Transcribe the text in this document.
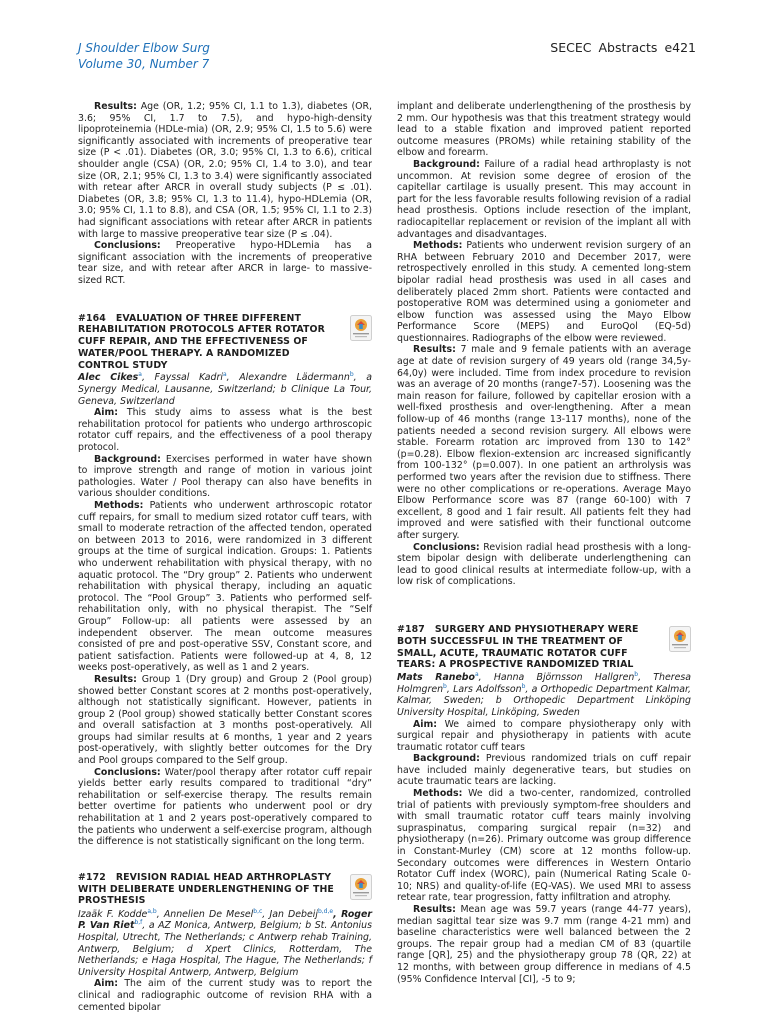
J Shoulder Elbow Surg
Volume 30, Number 7
SECEC Abstracts e421

Results: Age (OR, 1.2; 95% CI, 1.1 to 1.3), diabetes (OR, 3.6; 95% CI, 1.7 to 7.5), and hypo-high-density lipoproteinemia (HDLe-mia) (OR, 2.9; 95% CI, 1.5 to 5.6) were significantly associated with increments of preoperative tear size (P < .01). Diabetes (OR, 3.0; 95% CI, 1.3 to 6.6), critical shoulder angle (CSA) (OR, 2.0; 95% CI, 1.4 to 3.0), and tear size (OR, 2.1; 95% CI, 1.3 to 3.4) were significantly associated with retear after ARCR in overall study subjects (P ≤ .01). Diabetes (OR, 3.8; 95% CI, 1.3 to 11.4), hypo-HDLemia (OR, 3.0; 95% CI, 1.1 to 8.8), and CSA (OR, 1.5; 95% CI, 1.1 to 2.3) had significant associations with retear after ARCR in patients with large to massive preoperative tear size (P ≤ .04).

Conclusions: Preoperative hypo-HDLemia has a significant association with the increments of preoperative tear size, and with retear after ARCR in large- to massive-sized RCT.

#164 EVALUATION OF THREE DIFFERENT REHABILITATION PROTOCOLS AFTER ROTATOR CUFF REPAIR, AND THE EFFECTIVENESS OF WATER/POOL THERAPY. A RANDOMIZED CONTROL STUDY

Alec Cikes$^a$, Fayssal Kadri$^a$, Alexandre Lädermann$^b$, a Synergy Medical, Lausanne, Switzerland; b Clinique La Tour, Geneva, Switzerland

Aim: This study aims to assess what is the best rehabilitation protocol for patients who undergo arthroscopic rotator cuff repairs, and the effectiveness of a pool therapy protocol.

Background: Exercises performed in water have shown to improve strength and range of motion in various joint pathologies. Water / Pool therapy can also have benefits in various shoulder conditions.

Methods: Patients who underwent arthroscopic rotator cuff repairs, for small to medium sized rotator cuff tears, with small to moderate retraction of the affected tendon, operated on between 2013 to 2016, were randomized in 3 different groups at the time of surgical indication. Groups: 1. Patients who underwent rehabilitation with physical therapy, with no aquatic protocol. The “Dry group” 2. Patients who underwent rehabilitation with physical therapy, including an aquatic protocol. The “Pool Group” 3. Patients who performed self-rehabilitation only, with no physical therapist. The “Self Group” Follow-up: all patients were assessed by an independent observer. The mean outcome measures consisted of pre and post-operative SSV, Constant score, and patient satisfaction. Patients were followed-up at 4, 8, 12 weeks post-operatively, as well as 1 and 2 years.

Results: Group 1 (Dry group) and Group 2 (Pool group) showed better Constant scores at 2 months post-operatively, although not statistically significant. However, patients in group 2 (Pool group) showed statically better Constant scores and overall satisfaction at 3 months post-operatively. All groups had similar results at 6 months, 1 year and 2 years post-operatively, with slightly better outcomes for the Dry and Pool groups compared to the Self group.

Conclusions: Water/pool therapy after rotator cuff repair yields better early results compared to traditional “dry” rehabilitation or self-exercise therapy. The results remain better overtime for patients who underwent pool or dry rehabilitation at 1 and 2 years post-operatively compared to the patients who underwent a self-exercise program, although the difference is not statistically significant on the long term.

#172 REVISION RADIAL HEAD ARTHROPLASTY WITH DELIBERATE UNDERLENGTHENING OF THE PROSTHESIS

Izaäk F. Kodde$^{a,b}$, Annelien De Mesel$^{b,c}$, Jan Debeij$^{b,d,e}$, Roger P. Van Riet$^{b,f}$, a AZ Monica, Antwerp, Belgium; b St. Antonius Hospital, Utrecht, The Netherlands; c Antwerp rehab Training, Antwerp, Belgium; d Xpert Clinics, Rotterdam, The Netherlands; e Haga Hospital, The Hague, The Netherlands; f University Hospital Antwerp, Antwerp, Belgium

Aim: The aim of the current study was to report the clinical and radiographic outcome of revision RHA with a cemented bipolar

implant and deliberate underlengthening of the prosthesis by 2 mm. Our hypothesis was that this treatment strategy would lead to a stable fixation and improved patient reported outcome measures (PROMs) while retaining stability of the elbow and forearm.

Background: Failure of a radial head arthroplasty is not uncommon. At revision some degree of erosion of the capitellar cartilage is usually present. This may account in part for the less favorable results following revision of a radial head prosthesis. Options include resection of the implant, radiocapitellar replacement or revision of the implant all with advantages and disadvantages.

Methods: Patients who underwent revision surgery of an RHA between February 2010 and December 2017, were retrospectively enrolled in this study. A cemented long-stem bipolar radial head prosthesis was used in all cases and deliberately placed 2mm short. Patients were contacted and postoperative ROM was determined using a goniometer and elbow function was assessed using the Mayo Elbow Performance Score (MEPS) and EuroQol (EQ-5d) questionnaires. Radiographs of the elbow were reviewed.

Results: 7 male and 9 female patients with an average age at date of revision surgery of 49 years old (range 34,5y-64,0y) were included. Time from index procedure to revision was an average of 20 months (range7-57). Loosening was the main reason for failure, followed by capitellar erosion with a well-fixed prosthesis and over-lengthening. After a mean follow-up of 46 months (range 13-117 months), none of the patients needed a second revision surgery. All elbows were stable. Forearm rotation arc improved from 130 to 142° (p=0.28). Elbow flexion-extension arc increased significantly from 100-132° (p=0.007). In one patient an arthrolysis was performed two years after the revision due to stiffness. There were no other complications or re-operations. Average Mayo Elbow Performance score was 87 (range 60-100) with 7 excellent, 8 good and 1 fair result. All patients felt they had improved and were satisfied with their functional outcome after surgery.

Conclusions: Revision radial head prosthesis with a long-stem bipolar design with deliberate underlengthening can lead to good clinical results at intermediate follow-up, with a low risk of complications.

#187 SURGERY AND PHYSIOTHERAPY WERE BOTH SUCCESSFUL IN THE TREATMENT OF SMALL, ACUTE, TRAUMATIC ROTATOR CUFF TEARS: A PROSPECTIVE RANDOMIZED TRIAL

Mats Ranebo$^a$, Hanna Björnsson Hallgren$^b$, Theresa Holmgren$^b$, Lars Adolfsson$^b$, a Orthopedic Department Kalmar, Kalmar, Sweden; b Orthopedic Department Linköping University Hospital, Linköping, Sweden

Aim: We aimed to compare physiotherapy only with surgical repair and physiotherapy in patients with acute traumatic rotator cuff tears

Background: Previous randomized trials on cuff repair have included mainly degenerative tears, but studies on acute traumatic tears are lacking.

Methods: We did a two-center, randomized, controlled trial of patients with previously symptom-free shoulders and with small traumatic rotator cuff tears mainly involving supraspinatus, comparing surgical repair (n=32) and physiotherapy (n=26). Primary outcome was group difference in Constant-Murley (CM) score at 12 months follow-up. Secondary outcomes were differences in Western Ontario Rotator Cuff index (WORC), pain (Numerical Rating Scale 0-10; NRS) and quality-of-life (EQ-VAS). We used MRI to assess retear rate, tear progression, fatty infiltration and atrophy.

Results: Mean age was 59.7 years (range 44-77 years), median sagittal tear size was 9.7 mm (range 4-21 mm) and baseline characteristics were well balanced between the 2 groups. The repair group had a median CM of 83 (quartile range [QR], 25) and the physiotherapy group 78 (QR, 22) at 12 months, with between group difference in medians of 4.5 (95% Confidence Interval [CI], -5 to 9;
